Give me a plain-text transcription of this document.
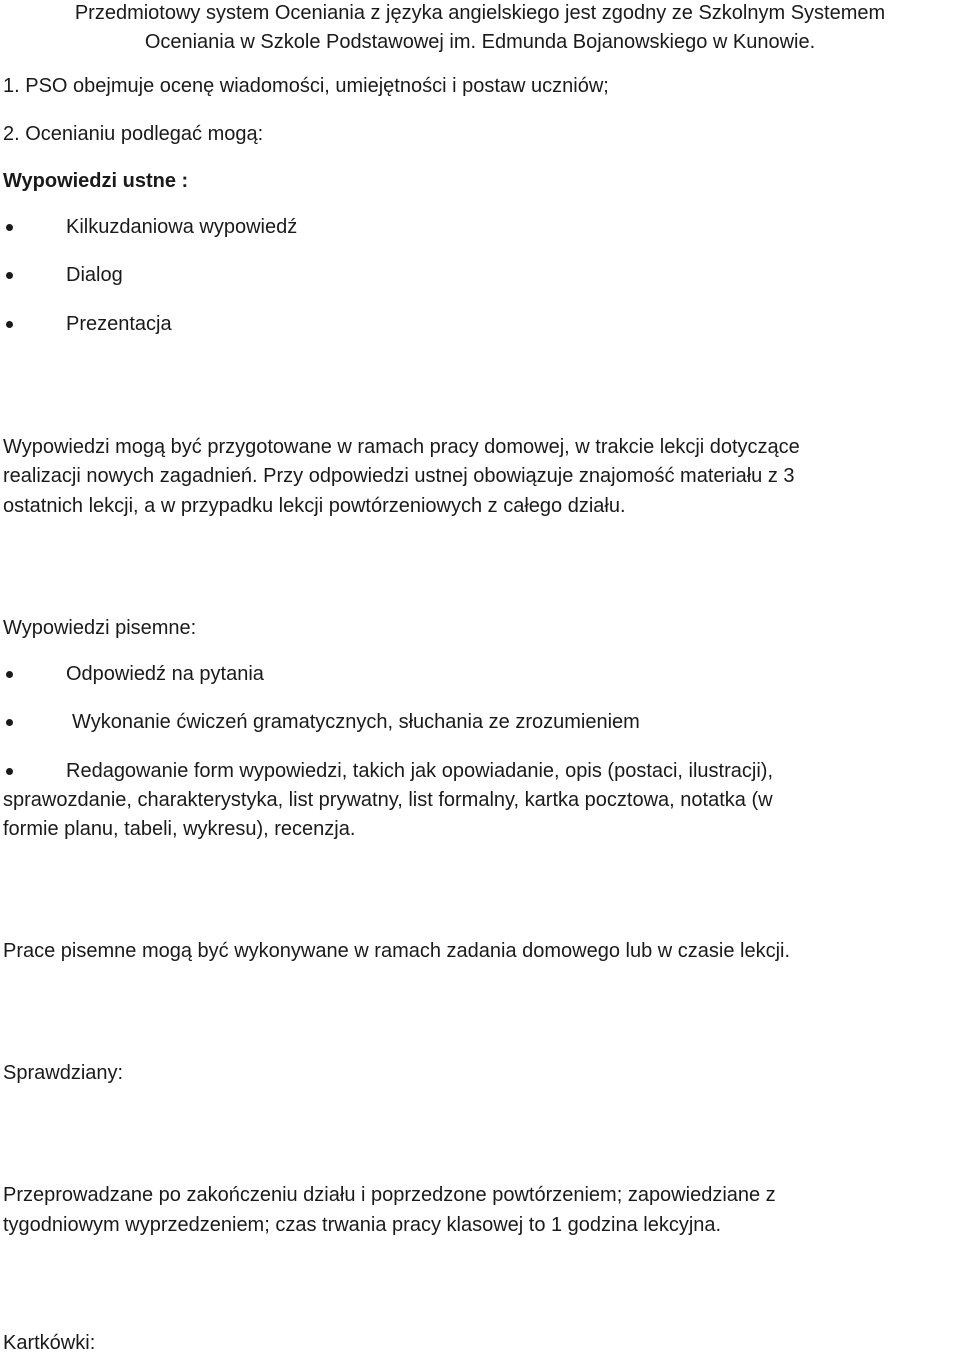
Przedmiotowy system Oceniania z języka angielskiego jest zgodny ze Szkolnym Systemem
Oceniania w Szkole Podstawowej im. Edmunda Bojanowskiego w Kunowie.
1. PSO obejmuje ocenę wiadomości, umiejętności i postaw uczniów;
2. Ocenianiu podlegać mogą:
Wypowiedzi ustne :
Kilkuzdaniowa wypowiedź
Dialog
Prezentacja
Wypowiedzi mogą być przygotowane w ramach pracy domowej, w trakcie lekcji dotyczące
realizacji nowych zagadnień. Przy odpowiedzi ustnej obowiązuje znajomość materiału z 3
ostatnich lekcji, a w przypadku lekcji powtórzeniowych z całego działu.
Wypowiedzi pisemne:
Odpowiedź na pytania
Wykonanie ćwiczeń gramatycznych, słuchania ze zrozumieniem
Redagowanie form wypowiedzi, takich jak opowiadanie, opis (postaci, ilustracji),
sprawozdanie, charakterystyka, list prywatny, list formalny, kartka pocztowa, notatka (w
formie planu, tabeli, wykresu), recenzja.
Prace pisemne mogą być wykonywane w ramach zadania domowego lub w czasie lekcji.
Sprawdziany:
Przeprowadzane po zakończeniu działu i poprzedzone powtórzeniem; zapowiedziane z
tygodniowym wyprzedzeniem; czas trwania pracy klasowej to 1 godzina lekcyjna.
Kartkówki:
